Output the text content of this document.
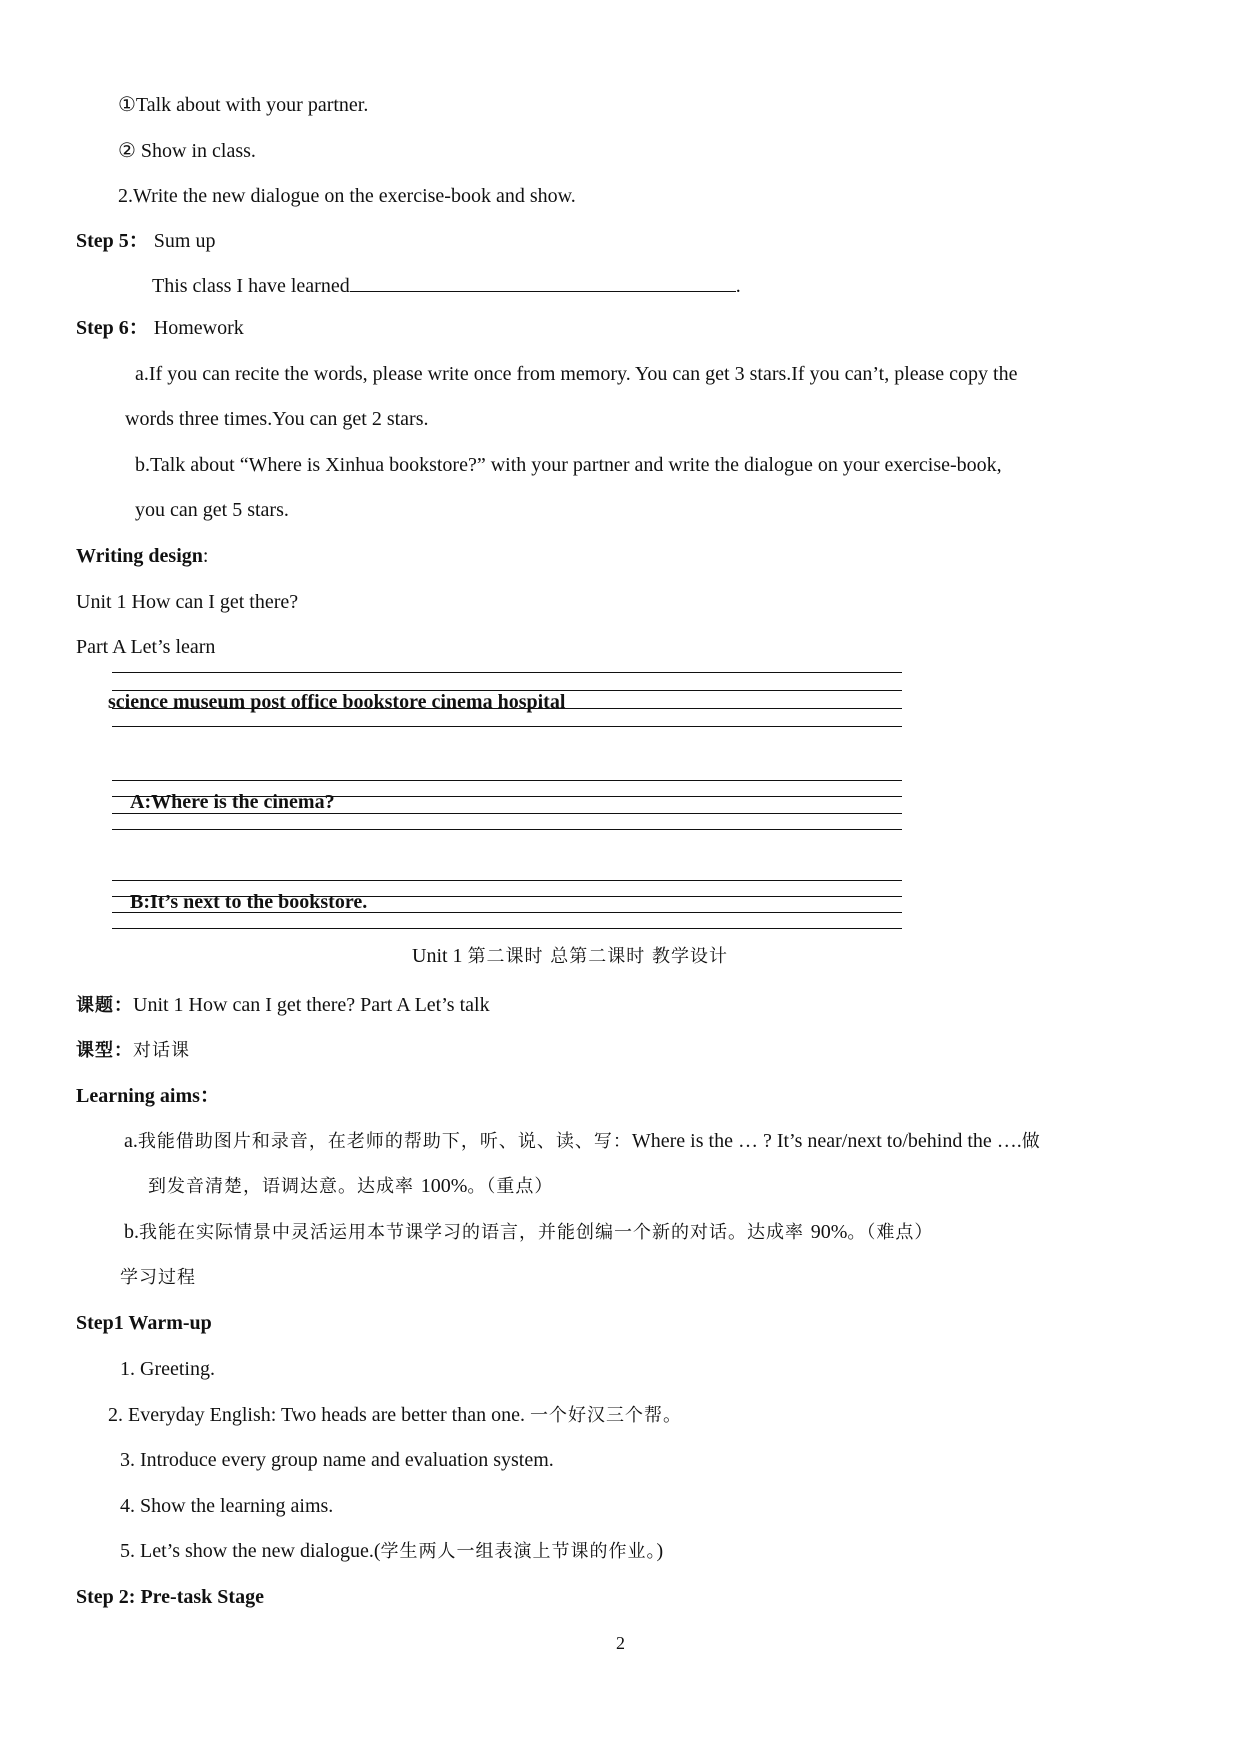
①Talk about with your partner.
② Show in class.
2.Write the new dialogue on the exercise-book and show.
Step 5： Sum up
This class I have learned	.
Step 6： Homework
a.If you can recite the words, please write once from memory. You can get 3 stars.If you can’t, please copy the
words three times.You can get 2 stars.
b.Talk about “Where is Xinhua bookstore?” with your partner and write the dialogue on your exercise-book,
you can get 5 stars.
Writing design:
Unit 1 How can I get there?
Part A Let’s learn
science museum post office bookstore cinema hospital
A:Where is the cinema?
B:It’s next to the bookstore.
Unit 1 第二课时 总第二课时 教学设计
课题：Unit 1 How can I get there? Part A Let’s talk
课型：对话课
Learning aims：
a.我能借助图片和录音，在老师的帮助下，听、说、读、写：Where is the … ? It’s near/next to/behind the ….做
到发音清楚，语调达意。达成率 100%。（重点）
b.我能在实际情景中灵活运用本节课学习的语言，并能创编一个新的对话。达成率 90%。（难点）
学习过程
Step1 Warm-up
1. Greeting.
2. Everyday English: Two heads are better than one. 一个好汉三个帮。
3. Introduce every group name and evaluation system.
4. Show the learning aims.
5. Let’s show the new dialogue.(学生两人一组表演上节课的作业。)
Step 2: Pre-task Stage
2
